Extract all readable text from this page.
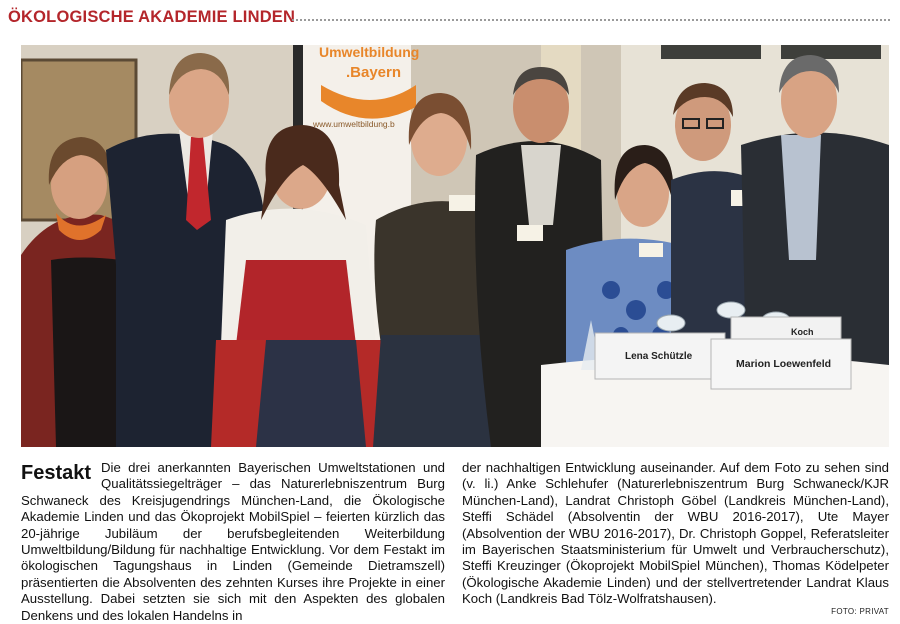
ÖKOLOGISCHE AKADEMIE LINDEN
Umweltbildung
.Bayern
www.umweltbildung.b
Koch
Lena Schützle
Marion Loewenfeld
Festakt Die drei anerkannten Bayerischen Umweltstationen und Qualitätssiegelträger – das Naturerlebniszentrum Burg Schwaneck des Kreisjugendrings München-Land, die Ökologische Akademie Linden und das Ökoprojekt MobilSpiel – feierten kürzlich das 20-jährige Jubiläum der berufsbegleitenden Weiterbildung Umweltbildung/Bildung für nachhaltige Entwicklung. Vor dem Festakt im ökologischen Tagungshaus in Linden (Gemeinde Dietramszell) präsentierten die Absolventen des zehnten Kurses ihre Projekte in einer Ausstellung. Dabei setzten sie sich mit den Aspekten des globalen Denkens und des lokalen Handelns in
der nachhaltigen Entwicklung auseinander. Auf dem Foto zu sehen sind (v. li.) Anke Schlehufer (Naturerlebniszentrum Burg Schwaneck/KJR München-Land), Landrat Christoph Göbel (Landkreis München-Land), Steffi Schädel (Absolventin der WBU 2016-2017), Ute Mayer (Absolvention der WBU 2016-2017), Dr. Christoph Goppel, Referatsleiter im Bayerischen Staatsministerium für Umwelt und Verbraucherschutz), Steffi Kreuzinger (Ökoprojekt MobilSpiel München), Thomas Ködelpeter (Ökologische Akademie Linden) und der stellvertretender Landrat Klaus Koch (Landkreis Bad Tölz-Wolfratshausen).
FOTO: PRIVAT
